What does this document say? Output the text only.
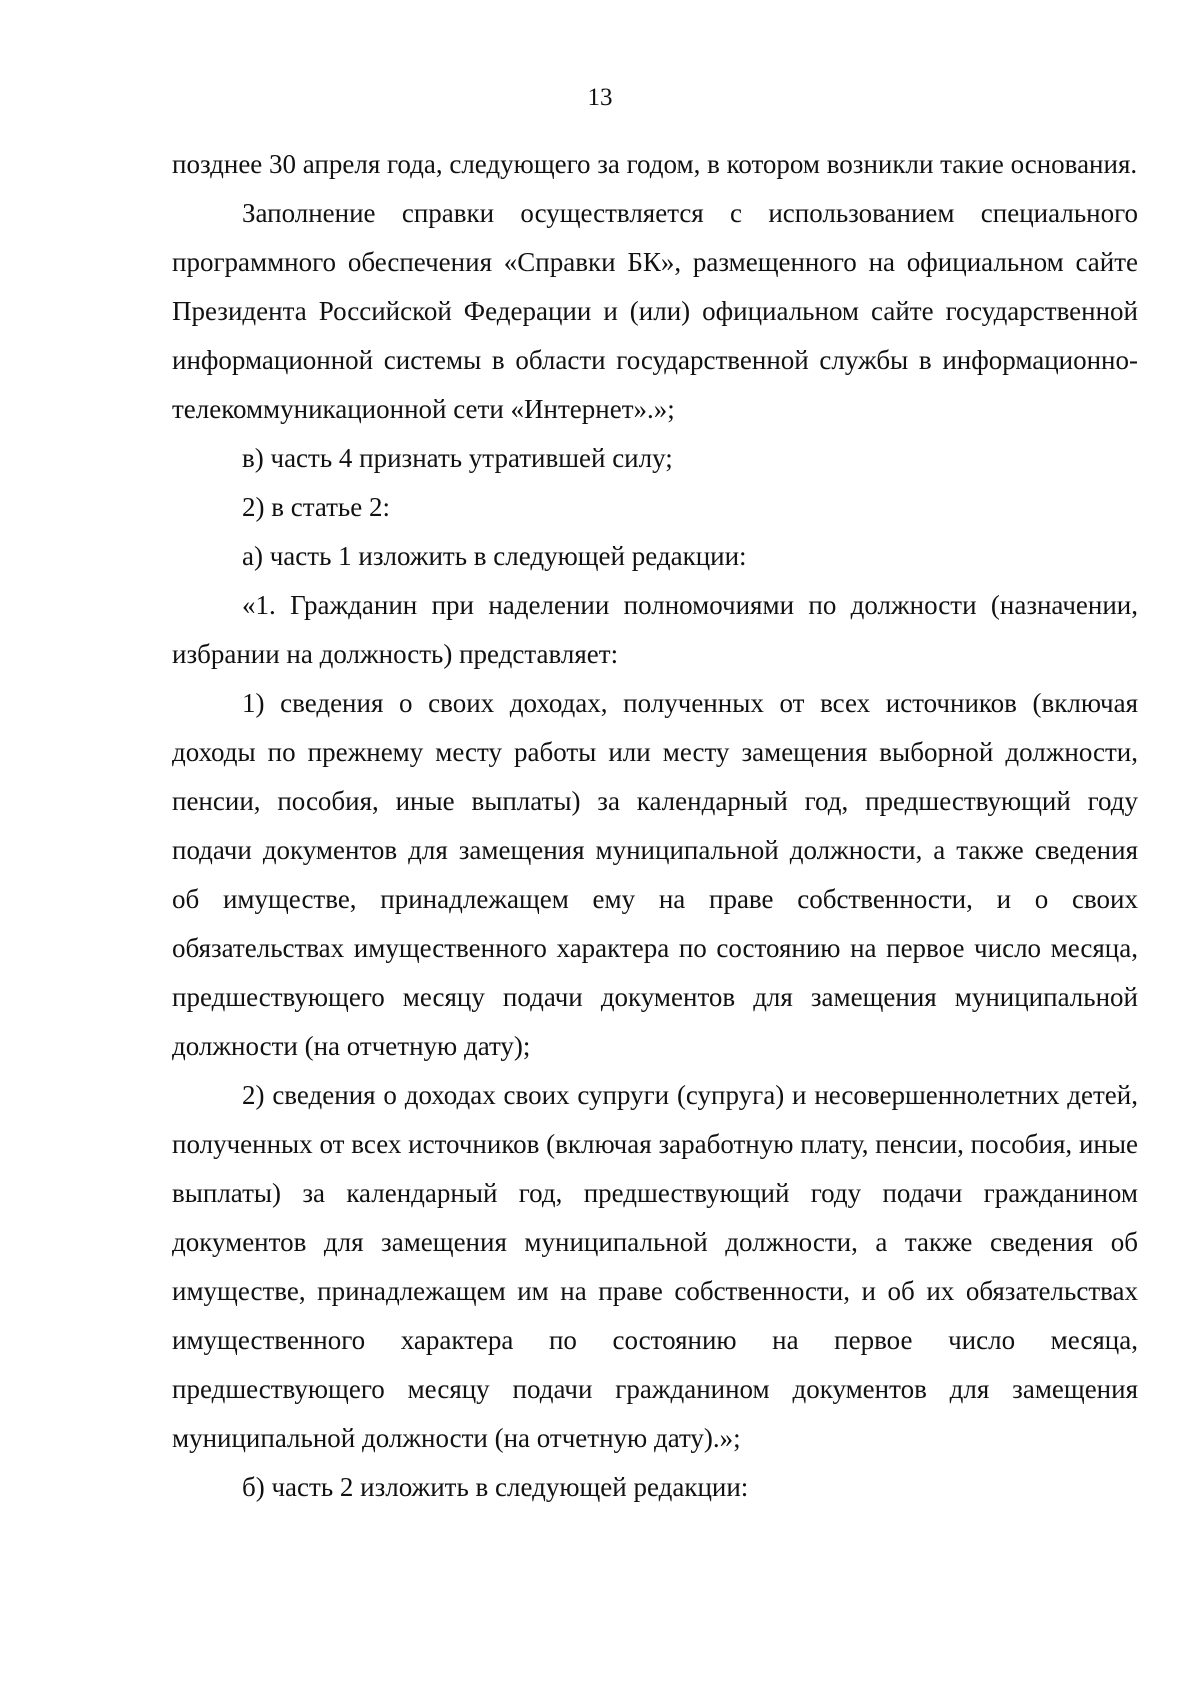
13

позднее 30 апреля года, следующего за годом, в котором возникли такие основания.

Заполнение справки осуществляется с использованием специального программного обеспечения «Справки БК», размещенного на официальном сайте Президента Российской Федерации и (или) официальном сайте государственной информационной системы в области государственной службы в информационно-телекоммуникационной сети «Интернет».»;

в) часть 4 признать утратившей силу;

2) в статье 2:

а) часть 1 изложить в следующей редакции:

«1. Гражданин при наделении полномочиями по должности (назначении, избрании на должность) представляет:

1) сведения о своих доходах, полученных от всех источников (включая доходы по прежнему месту работы или месту замещения выборной должности, пенсии, пособия, иные выплаты) за календарный год, предшествующий году подачи документов для замещения муниципальной должности, а также сведения об имуществе, принадлежащем ему на праве собственности, и о своих обязательствах имущественного характера по состоянию на первое число месяца, предшествующего месяцу подачи документов для замещения муниципальной должности (на отчетную дату);

2) сведения о доходах своих супруги (супруга) и несовершеннолетних детей, полученных от всех источников (включая заработную плату, пенсии, пособия, иные выплаты) за календарный год, предшествующий году подачи гражданином документов для замещения муниципальной должности, а также сведения об имуществе, принадлежащем им на праве собственности, и об их обязательствах имущественного характера по состоянию на первое число месяца, предшествующего месяцу подачи гражданином документов для замещения муниципальной должности (на отчетную дату).»;

б) часть 2 изложить в следующей редакции:
